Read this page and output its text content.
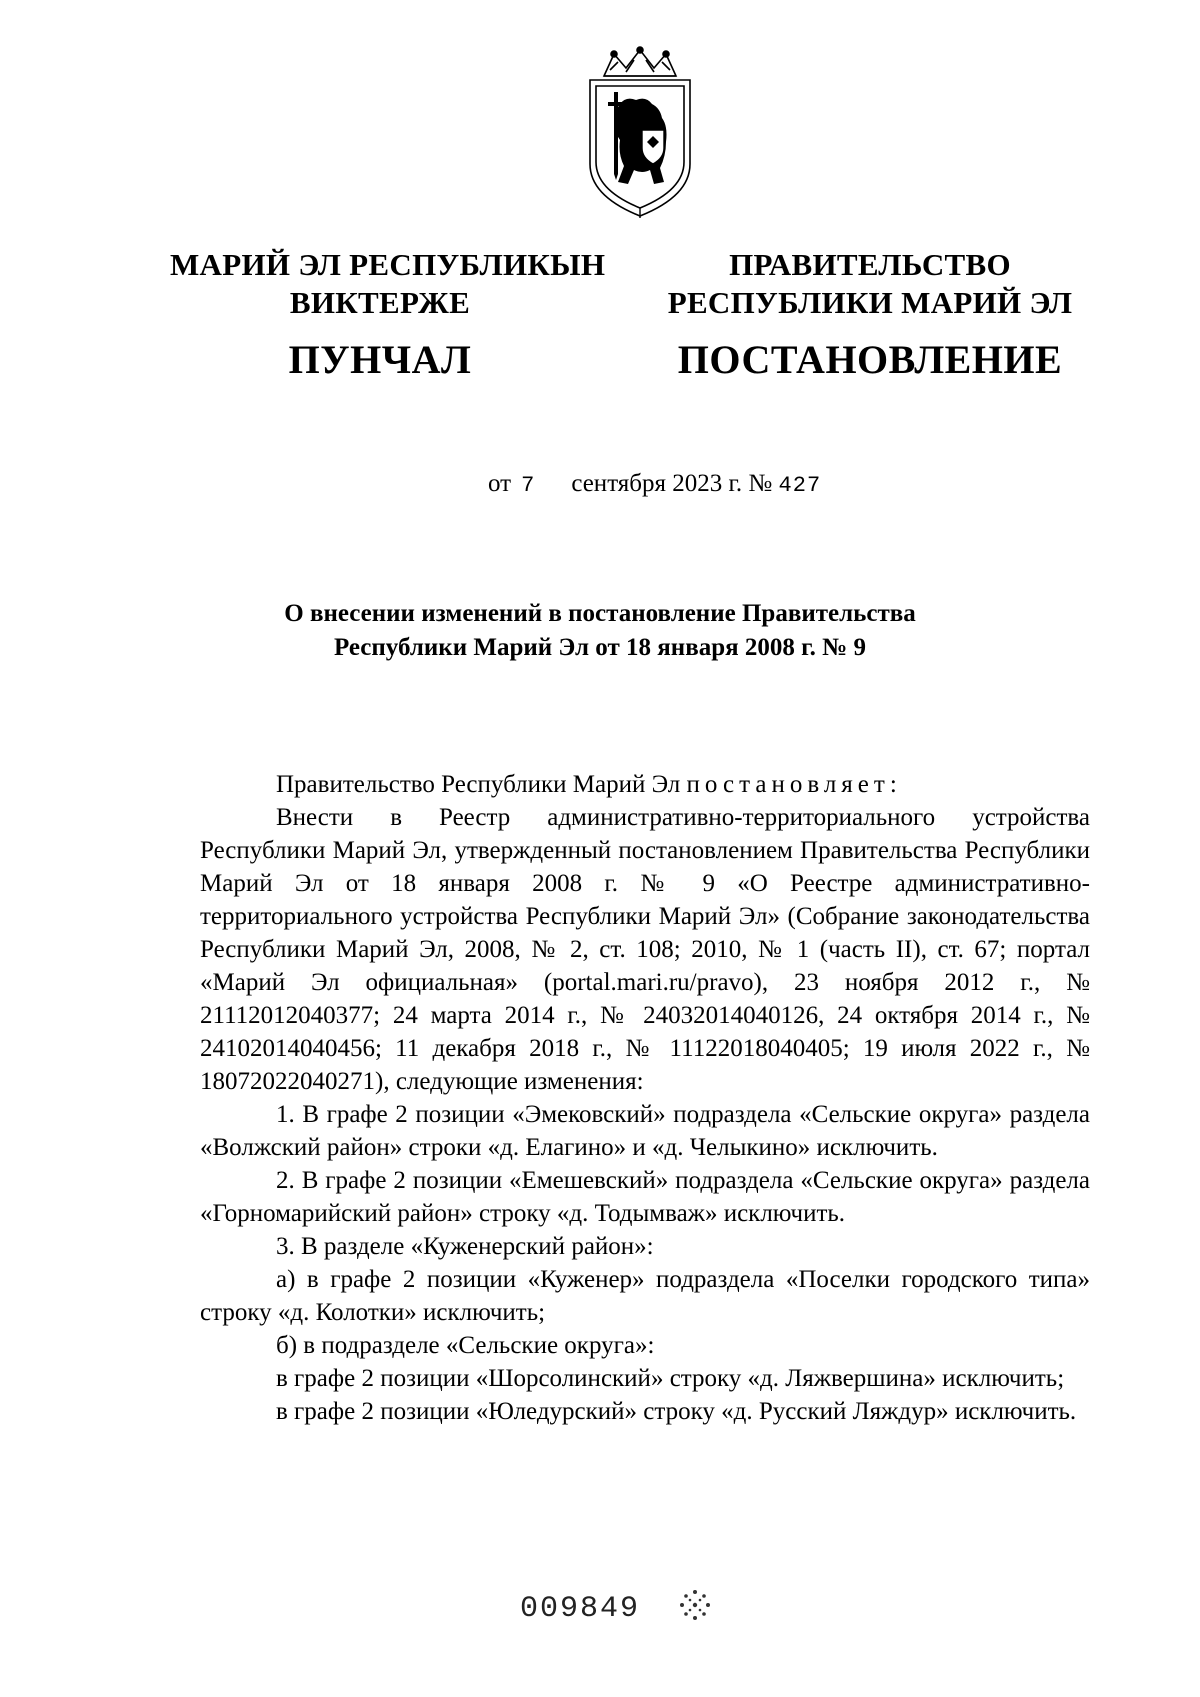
МАРИЙ ЭЛ РЕСПУБЛИКЫН
ВИКТЕРЖЕ
ПУНЧАЛ
ПРАВИТЕЛЬСТВО
РЕСПУБЛИКИ МАРИЙ ЭЛ
ПОСТАНОВЛЕНИЕ
от 7 сентября 2023 г. № 427
О внесении изменений в постановление Правительства
Республики Марий Эл от 18 января 2008 г. № 9

Правительство Республики Марий Эл постановляет:

Внести в Реестр административно-территориального устройства Республики Марий Эл, утвержденный постановлением Правительства Республики Марий Эл от 18 января 2008 г. № 9 «О Реестре административно-территориального устройства Республики Марий Эл» (Собрание законодательства Республики Марий Эл, 2008, № 2, ст. 108; 2010, № 1 (часть II), ст. 67; портал «Марий Эл официальная» (portal.mari.ru/pravo), 23 ноября 2012 г., № 21112012040377; 24 марта 2014 г., № 24032014040126, 24 октября 2014 г., № 24102014040456; 11 декабря 2018 г., № 11122018040405; 19 июля 2022 г., № 18072022040271), следующие изменения:

1. В графе 2 позиции «Эмековский» подраздела «Сельские округа» раздела «Волжский район» строки «д. Елагино» и «д. Челыкино» исключить.

2. В графе 2 позиции «Емешевский» подраздела «Сельские округа» раздела «Горномарийский район» строку «д. Тодымваж» исключить.

3. В разделе «Куженерский район»:

а) в графе 2 позиции «Куженер» подраздела «Поселки городского типа» строку «д. Колотки» исключить;

б) в подразделе «Сельские округа»:

в графе 2 позиции «Шорсолинский» строку «д. Ляжвершина» исключить;

в графе 2 позиции «Юледурский» строку «д. Русский Ляждур» исключить.

009849
